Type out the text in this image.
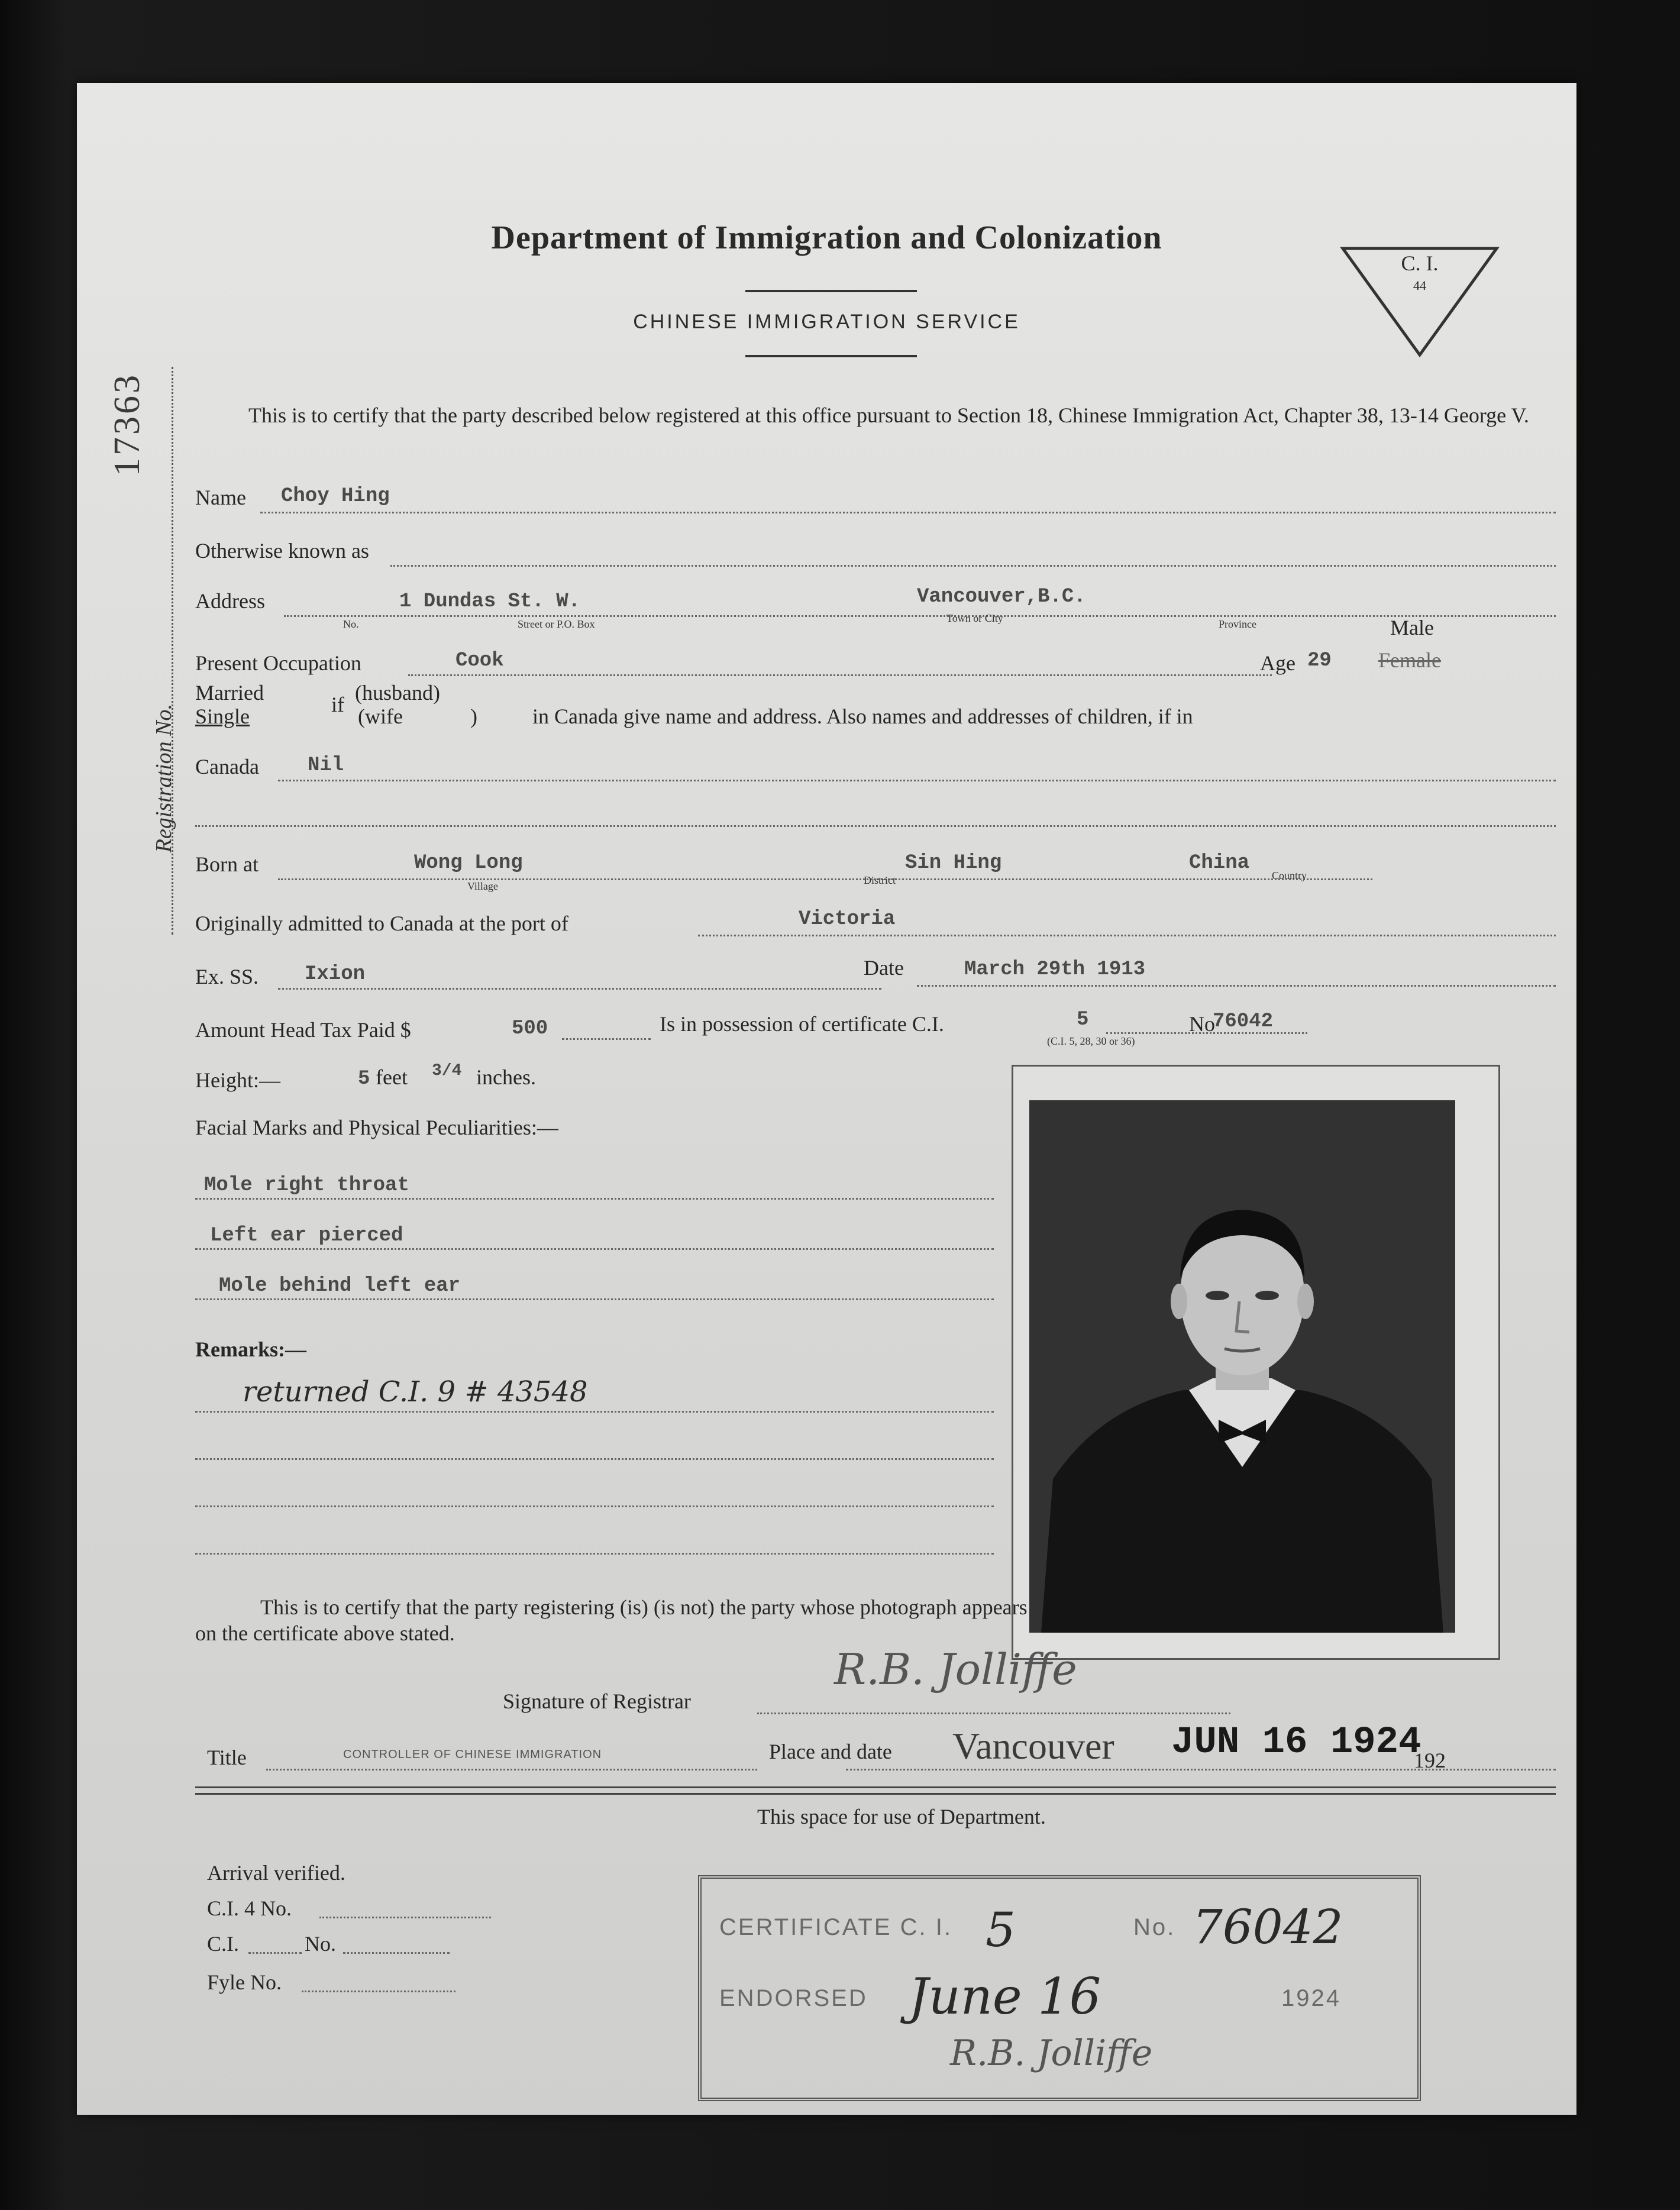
Department of Immigration and Colonization
CHINESE IMMIGRATION SERVICE
C. I.
44
17363
Registration No.
This is to certify that the party described below registered at this office pursuant to Section 18, Chinese Immigration Act, Chapter 38, 13-14 George V.
Name Choy Hing
Otherwise known as
Address
No.
1 Dundas St. W.
Street or P.O. Box
Vancouver,B.C.
Town or City	Province
Present Occupation	Cook	Age 29
Male
Female
Married
Single	if (husband)
(wife	)	in Canada give name and address. Also names and addresses of children, if in
Canada Nil
Born at	Wong Long
Village
Sin Hing
District
China
Country
Originally admitted to Canada at the port of	Victoria
Ex. SS. Ixion	Date	March 29th 1913
Amount Head Tax Paid $	500	Is in possession of certificate C.I.	5
(C.I. 5, 28, 30 or 36)
No
76042
Height:—	5 feet 3/4 inches.
Facial Marks and Physical Peculiarities:—
Mole right throat
Left ear pierced
Mole behind left ear
Remarks:—
returned C.I. 9 # 43548
This is to certify that the party registering (is) (is not) the party whose photograph appears on the certificate above stated.
Signature of Registrar
R.B. Jolliffe
Title	CONTROLLER OF CHINESE IMMIGRATION	Place and date Vancouver JUN 16 1924
192
This space for use of Department.
Arrival verified.
C.I. 4 No.
C.I.	No.
Fyle No.
CERTIFICATE C. I. 5	No. 76042
ENDORSED June 16	1924
R.B. Jolliffe
